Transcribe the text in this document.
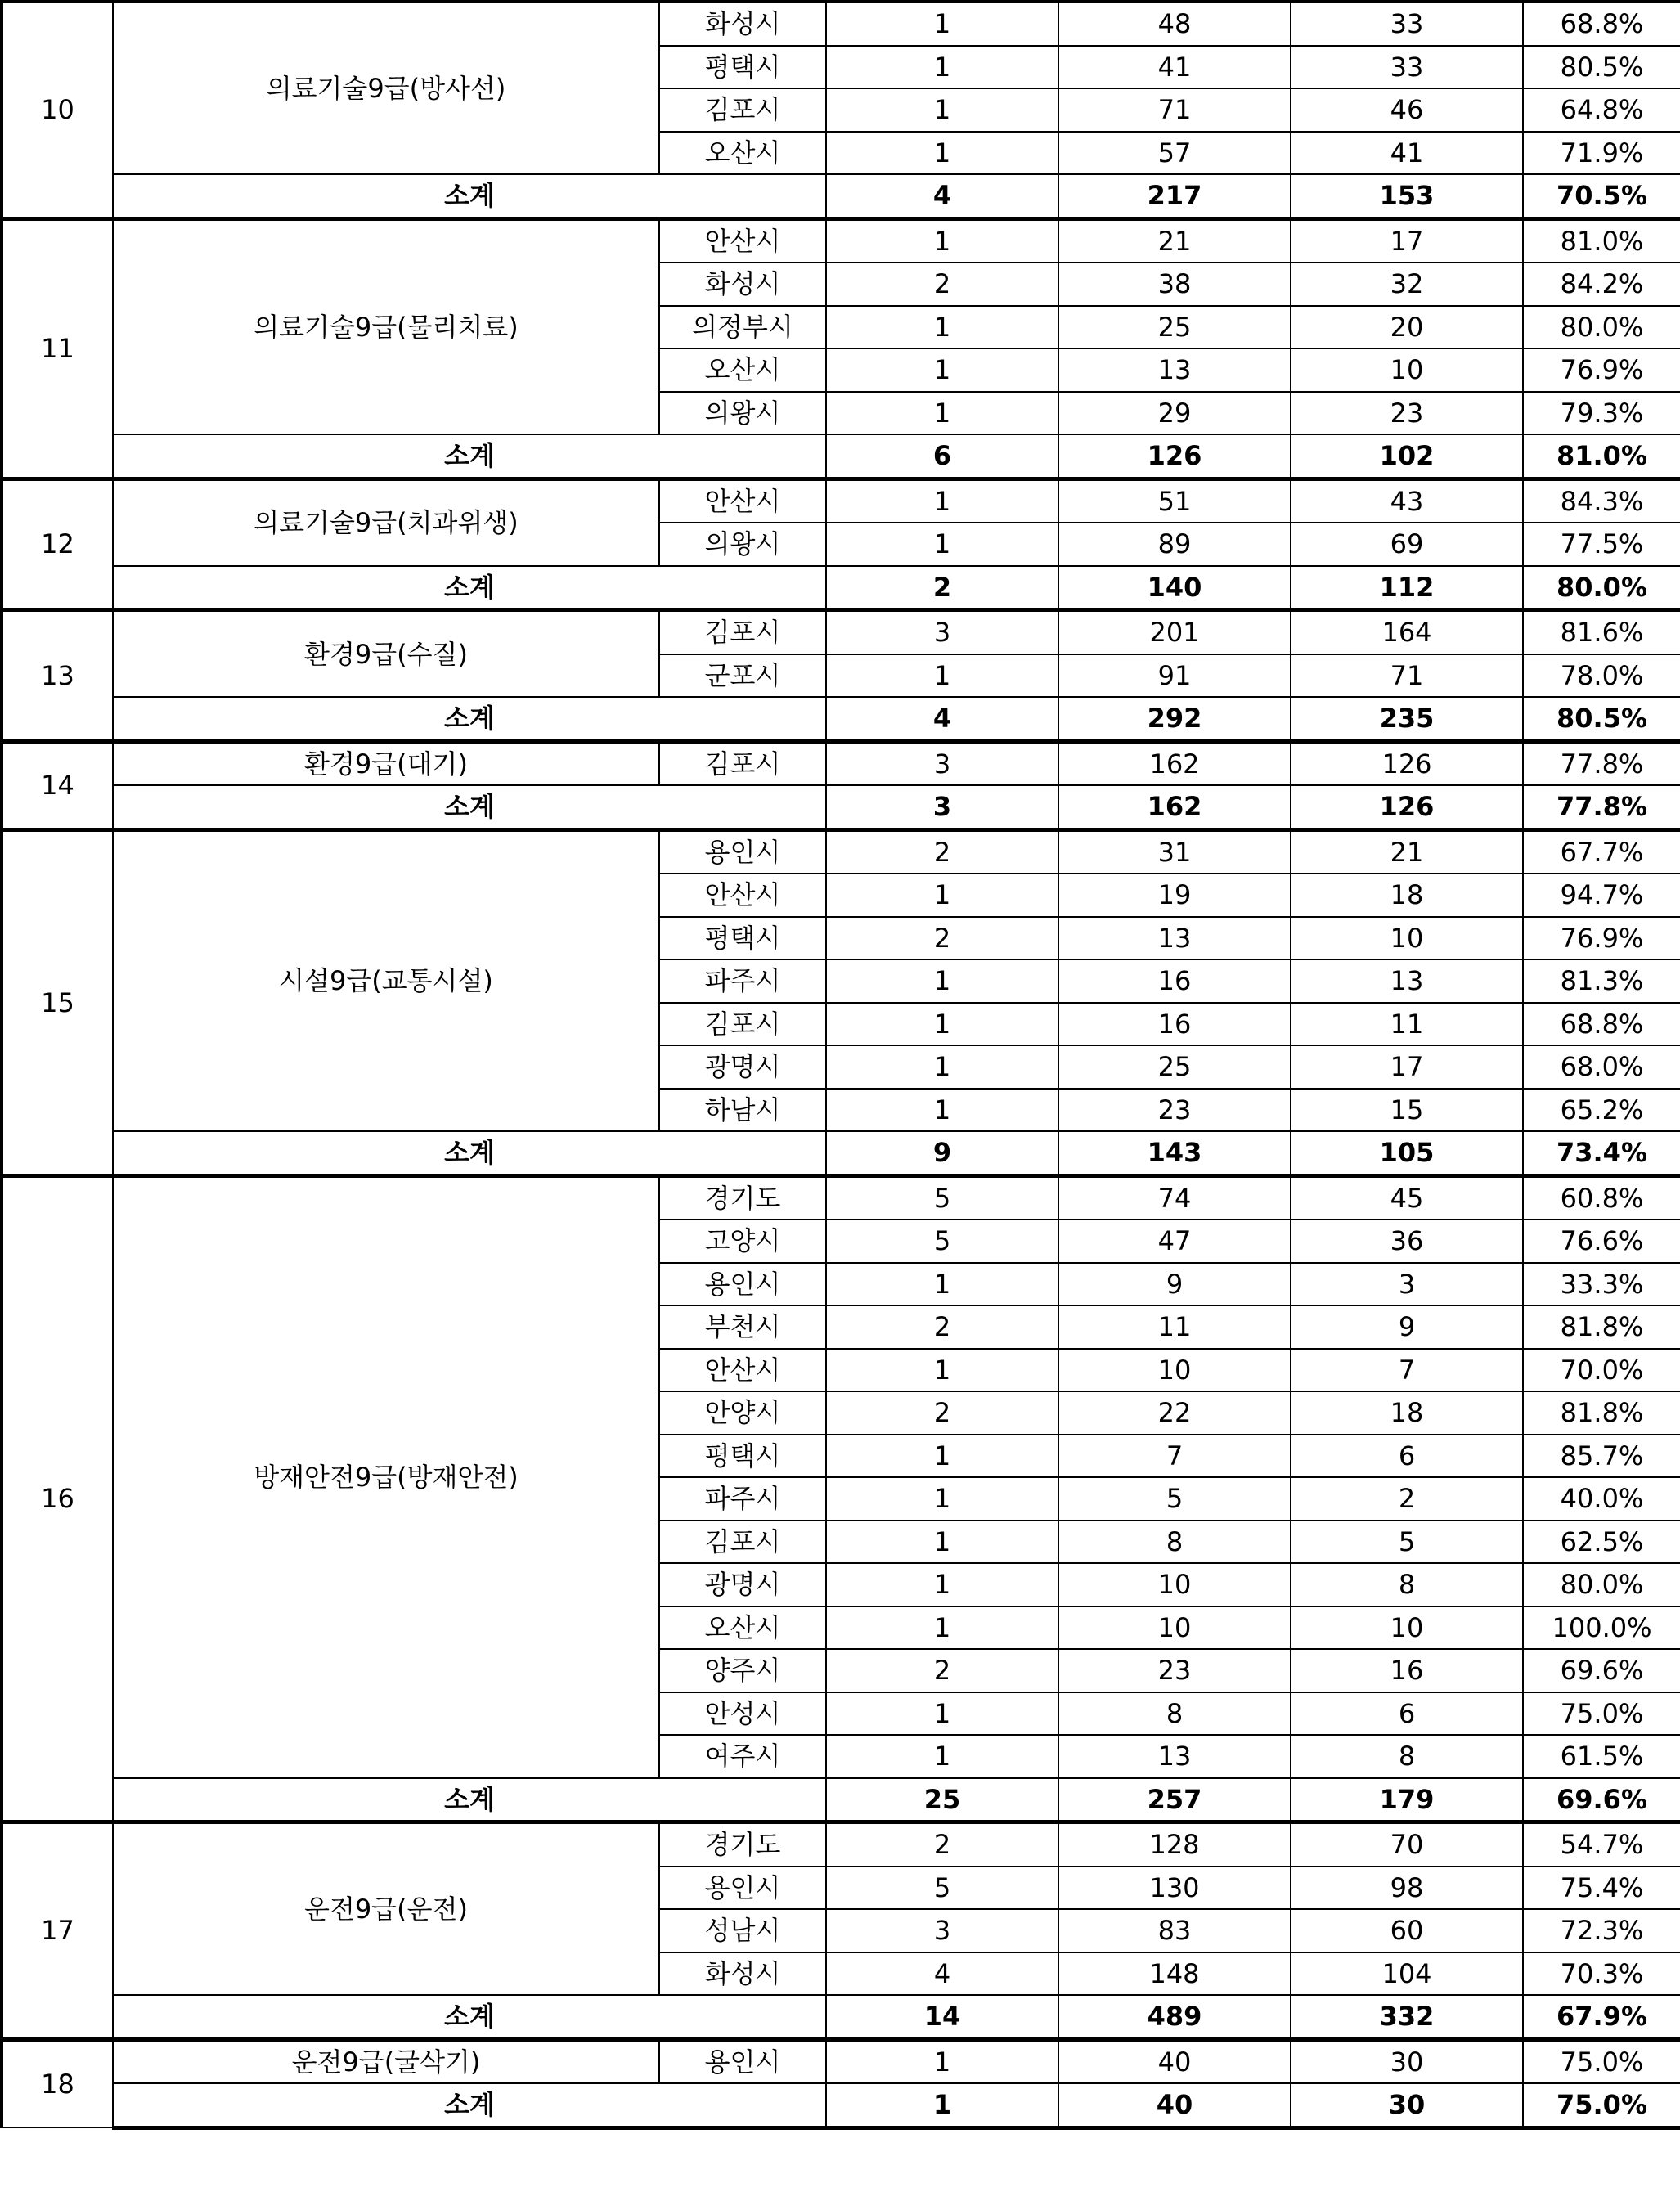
10	의료기술9급(방사선)	화성시	1	48	33	68.8%
		평택시	1	41	33	80.5%
		김포시	1	71	46	64.8%
		오산시	1	57	41	71.9%
	소계		4	217	153	70.5%
11	의료기술9급(물리치료)	안산시	1	21	17	81.0%
		화성시	2	38	32	84.2%
		의정부시	1	25	20	80.0%
		오산시	1	13	10	76.9%
		의왕시	1	29	23	79.3%
	소계		6	126	102	81.0%
12	의료기술9급(치과위생)	안산시	1	51	43	84.3%
		의왕시	1	89	69	77.5%
	소계		2	140	112	80.0%
13	환경9급(수질)	김포시	3	201	164	81.6%
		군포시	1	91	71	78.0%
	소계		4	292	235	80.5%
14	환경9급(대기)	김포시	3	162	126	77.8%
	소계		3	162	126	77.8%
15	시설9급(교통시설)	용인시	2	31	21	67.7%
		안산시	1	19	18	94.7%
		평택시	2	13	10	76.9%
		파주시	1	16	13	81.3%
		김포시	1	16	11	68.8%
		광명시	1	25	17	68.0%
		하남시	1	23	15	65.2%
	소계		9	143	105	73.4%
16	방재안전9급(방재안전)	경기도	5	74	45	60.8%
		고양시	5	47	36	76.6%
		용인시	1	9	3	33.3%
		부천시	2	11	9	81.8%
		안산시	1	10	7	70.0%
		안양시	2	22	18	81.8%
		평택시	1	7	6	85.7%
		파주시	1	5	2	40.0%
		김포시	1	8	5	62.5%
		광명시	1	10	8	80.0%
		오산시	1	10	10	100.0%
		양주시	2	23	16	69.6%
		안성시	1	8	6	75.0%
		여주시	1	13	8	61.5%
	소계		25	257	179	69.6%
17	운전9급(운전)	경기도	2	128	70	54.7%
		용인시	5	130	98	75.4%
		성남시	3	83	60	72.3%
		화성시	4	148	104	70.3%
	소계		14	489	332	67.9%
18	운전9급(굴삭기)	용인시	1	40	30	75.0%
	소계		1	40	30	75.0%
